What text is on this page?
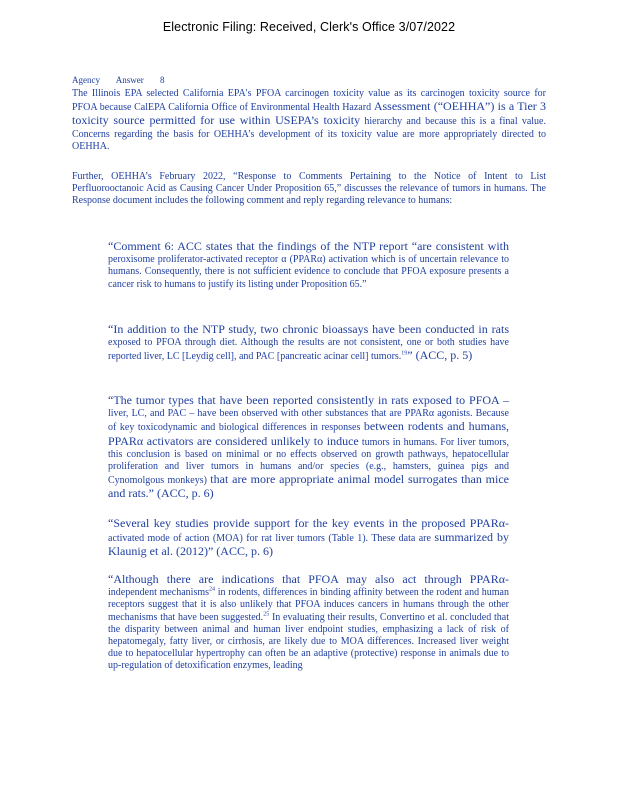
Electronic Filing: Received, Clerk's Office 3/07/2022
Agency Answer 8

The Illinois EPA selected California EPA's PFOA carcinogen toxicity value as its carcinogen toxicity source for PFOA because CalEPA California Office of Environmental Health Hazard Assessment (“OEHHA”) is a Tier 3 toxicity source permitted for use within USEPA’s toxicity hierarchy and because this is a final value. Concerns regarding the basis for OEHHA’s development of its toxicity value are more appropriately directed to OEHHA.

Further, OEHHA’s February 2022, “Response to Comments Pertaining to the Notice of Intent to List Perfluorooctanoic Acid as Causing Cancer Under Proposition 65,” discusses the relevance of tumors in humans. The Response document includes the following comment and reply regarding relevance to humans:

“Comment 6: ACC states that the findings of the NTP report “are consistent with peroxisome proliferator-activated receptor α (PPARα) activation which is of uncertain relevance to humans. Consequently, there is not sufficient evidence to conclude that PFOA exposure presents a cancer risk to humans to justify its listing under Proposition 65.”

“In addition to the NTP study, two chronic bioassays have been conducted in rats exposed to PFOA through diet. Although the results are not consistent, one or both studies have reported liver, LC [Leydig cell], and PAC [pancreatic acinar cell] tumors.$^{19}$” (ACC, p. 5)

“The tumor types that have been reported consistently in rats exposed to PFOA – liver, LC, and PAC – have been observed with other substances that are PPARα agonists. Because of key toxicodynamic and biological differences in responses between rodents and humans, PPARα activators are considered unlikely to induce tumors in humans. For liver tumors, this conclusion is based on minimal or no effects observed on growth pathways, hepatocellular proliferation and liver tumors in humans and/or species (e.g., hamsters, guinea pigs and Cynomolgous monkeys) that are more appropriate animal model surrogates than mice and rats.” (ACC, p. 6)

“Several key studies provide support for the key events in the proposed PPARα- activated mode of action (MOA) for rat liver tumors (Table 1). These data are summarized by Klaunig et al. (2012)” (ACC, p. 6)

“Although there are indications that PFOA may also act through PPARα- independent mechanisms$^{24}$ in rodents, differences in binding affinity between the rodent and human receptors suggest that it is also unlikely that PFOA induces cancers in humans through the other mechanisms that have been suggested.$^{25}$ In evaluating their results, Convertino et al. concluded that the disparity between animal and human liver endpoint studies, emphasizing a lack of risk of hepatomegaly, fatty liver, or cirrhosis, are likely due to MOA differences. Increased liver weight due to hepatocellular hypertrophy can often be an adaptive (protective) response in animals due to up-regulation of detoxification enzymes, leading
